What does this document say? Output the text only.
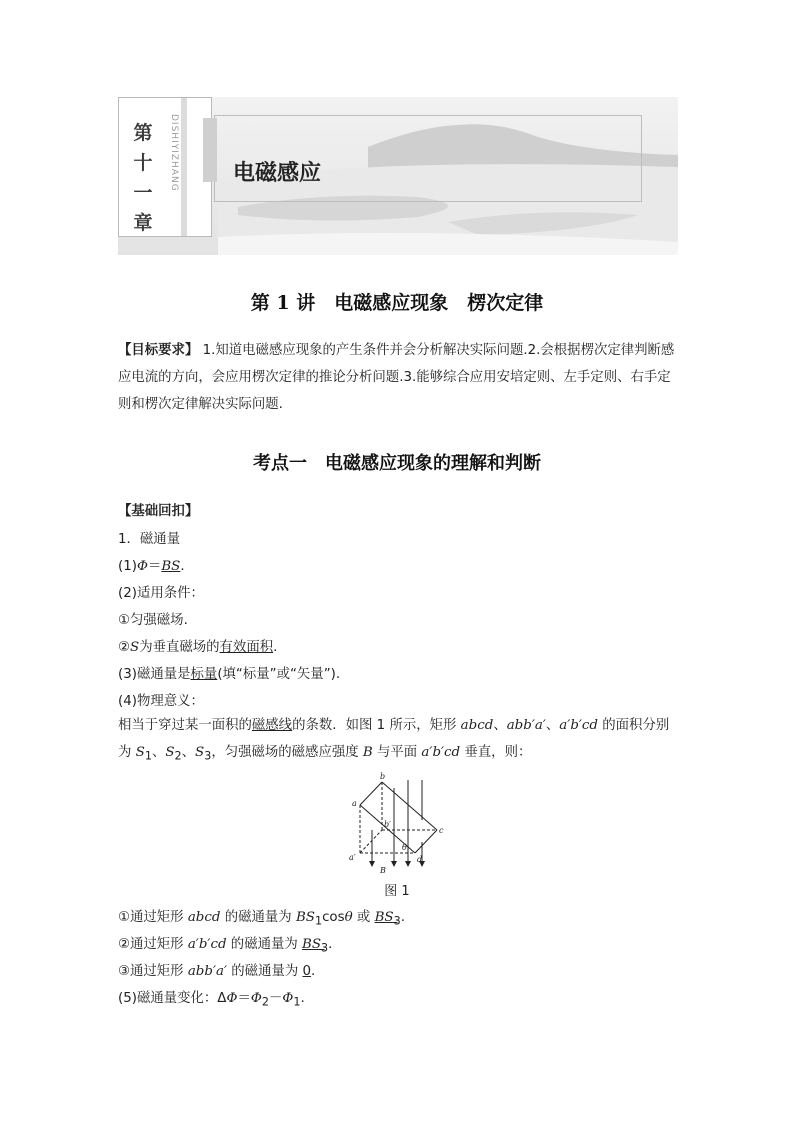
第
十
一
章
DISHIYIZHANG 电磁感应
第 1 讲　电磁感应现象　楞次定律
【目标要求】 1.知道电磁感应现象的产生条件并会分析解决实际问题.2.会根据楞次定律判断感应电流的方向，会应用楞次定律的推论分析问题.3.能够综合应用安培定则、左手定则、右手定则和楞次定律解决实际问题.
考点一　电磁感应现象的理解和判断
【基础回扣】
1．磁通量
(1)Φ＝BS.
(2)适用条件：
①匀强磁场.
②S为垂直磁场的有效面积.
(3)磁通量是标量(填“标量”或“矢量”).
(4)物理意义：
相当于穿过某一面积的磁感线的条数．如图 1 所示，矩形 abcd、abb′a′、a′b′cd 的面积分别为 $S_1$、$S_2$、$S_3$，匀强磁场的磁感应强度 B 与平面 a′b′cd 垂直，则：
b
a
c
d
a′
b′
B
θ
图 1
①通过矩形 abcd 的磁通量为 $BS_1\cos\theta$ 或 $BS_3$.
②通过矩形 a′b′cd 的磁通量为 $BS_3$.
③通过矩形 abb′a′ 的磁通量为 0.
(5)磁通量变化：$\Delta\Phi=\Phi_2-\Phi_1$.
